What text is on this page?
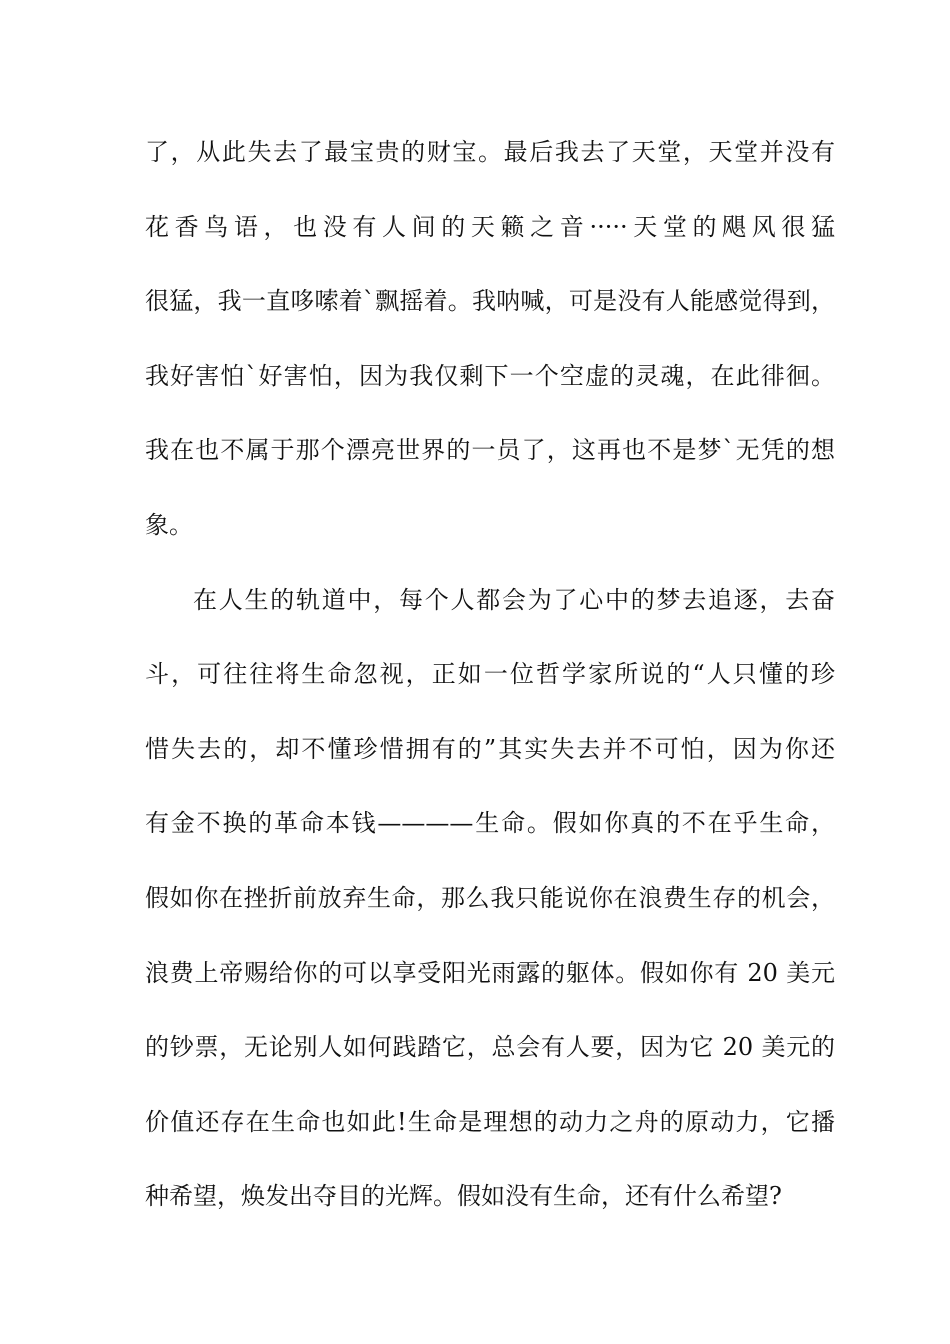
了，从此失去了最宝贵的财宝。最后我去了天堂，天堂并没有
花香鸟语，也没有人间的天籁之音·····天堂的飓风很猛
很猛，我一直哆嗦着`飘摇着。我呐喊，可是没有人能感觉得到，
我好害怕`好害怕，因为我仅剩下一个空虚的灵魂，在此徘徊。
我在也不属于那个漂亮世界的一员了，这再也不是梦`无凭的想
象。
在人生的轨道中，每个人都会为了心中的梦去追逐，去奋
斗，可往往将生命忽视，正如一位哲学家所说的“人只懂的珍
惜失去的，却不懂珍惜拥有的”其实失去并不可怕，因为你还
有金不换的革命本钱————生命。假如你真的不在乎生命，
假如你在挫折前放弃生命，那么我只能说你在浪费生存的机会，
浪费上帝赐给你的可以享受阳光雨露的躯体。假如你有 20 美元
的钞票，无论别人如何践踏它，总会有人要，因为它 20 美元的
价值还存在生命也如此!生命是理想的动力之舟的原动力，它播
种希望，焕发出夺目的光辉。假如没有生命，还有什么希望?
